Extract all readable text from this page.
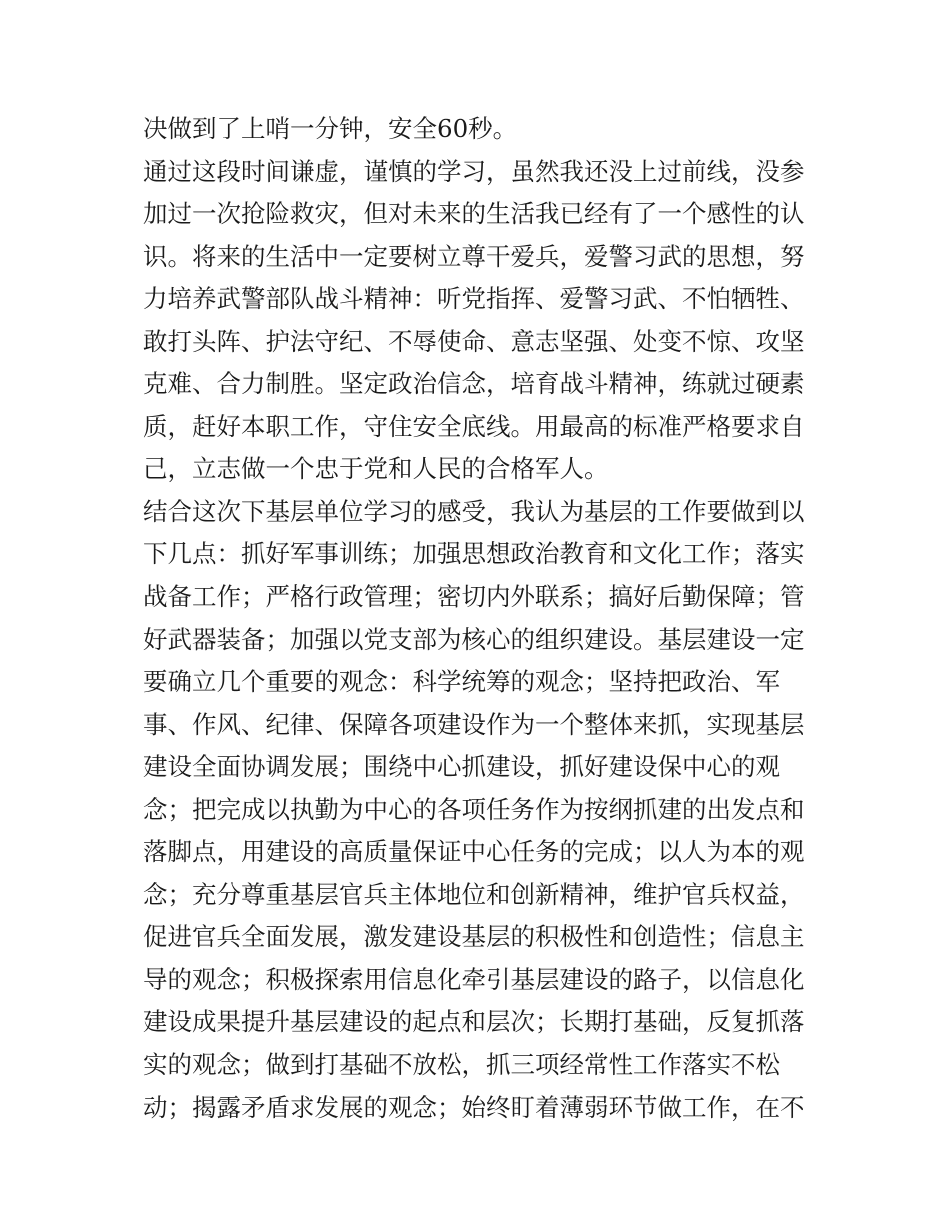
决做到了上哨一分钟，安全60秒。
通过这段时间谦虚，谨慎的学习，虽然我还没上过前线，没参
加过一次抢险救灾，但对未来的生活我已经有了一个感性的认
识。将来的生活中一定要树立尊干爱兵，爱警习武的思想，努
力培养武警部队战斗精神：听党指挥、爱警习武、不怕牺牲、
敢打头阵、护法守纪、不辱使命、意志坚强、处变不惊、攻坚
克难、合力制胜。坚定政治信念，培育战斗精神，练就过硬素
质，赶好本职工作，守住安全底线。用最高的标准严格要求自
己，立志做一个忠于党和人民的合格军人。
结合这次下基层单位学习的感受，我认为基层的工作要做到以
下几点：抓好军事训练；加强思想政治教育和文化工作；落实
战备工作；严格行政管理；密切内外联系；搞好后勤保障；管
好武器装备；加强以党支部为核心的组织建设。基层建设一定
要确立几个重要的观念：科学统筹的观念；坚持把政治、军
事、作风、纪律、保障各项建设作为一个整体来抓，实现基层
建设全面协调发展；围绕中心抓建设，抓好建设保中心的观
念；把完成以执勤为中心的各项任务作为按纲抓建的出发点和
落脚点，用建设的高质量保证中心任务的完成；以人为本的观
念；充分尊重基层官兵主体地位和创新精神，维护官兵权益，
促进官兵全面发展，激发建设基层的积极性和创造性；信息主
导的观念；积极探索用信息化牵引基层建设的路子，以信息化
建设成果提升基层建设的起点和层次；长期打基础，反复抓落
实的观念；做到打基础不放松，抓三项经常性工作落实不松
动；揭露矛盾求发展的观念；始终盯着薄弱环节做工作，在不
